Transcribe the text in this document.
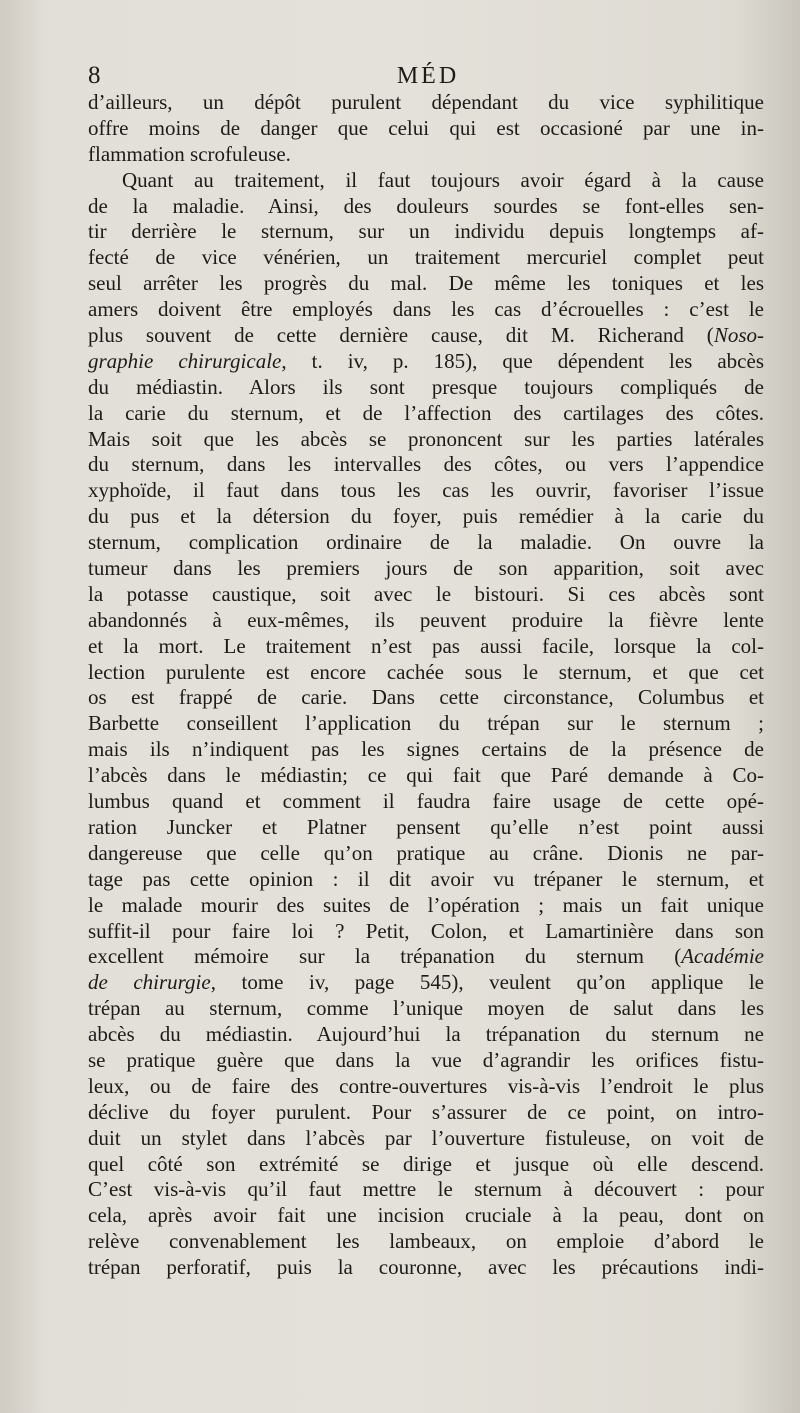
8	MÉD
d’ailleurs, un dépôt purulent dépendant du vice syphilitique
offre moins de danger que celui qui est occasioné par une in-
flammation scrofuleuse.
Quant au traitement, il faut toujours avoir égard à la cause
de la maladie. Ainsi, des douleurs sourdes se font-elles sen-
tir derrière le sternum, sur un individu depuis longtemps af-
fecté de vice vénérien, un traitement mercuriel complet peut
seul arrêter les progrès du mal. De même les toniques et les
amers doivent être employés dans les cas d’écrouelles : c’est le
plus souvent de cette dernière cause, dit M. Richerand (Noso-
graphie chirurgicale, t. iv, p. 185), que dépendent les abcès
du médiastin. Alors ils sont presque toujours compliqués de
la carie du sternum, et de l’affection des cartilages des côtes.
Mais soit que les abcès se prononcent sur les parties latérales
du sternum, dans les intervalles des côtes, ou vers l’appendice
xyphoïde, il faut dans tous les cas les ouvrir, favoriser l’issue
du pus et la détersion du foyer, puis remédier à la carie du
sternum, complication ordinaire de la maladie. On ouvre la
tumeur dans les premiers jours de son apparition, soit avec
la potasse caustique, soit avec le bistouri. Si ces abcès sont
abandonnés à eux-mêmes, ils peuvent produire la fièvre lente
et la mort. Le traitement n’est pas aussi facile, lorsque la col-
lection purulente est encore cachée sous le sternum, et que cet
os est frappé de carie. Dans cette circonstance, Columbus et
Barbette conseillent l’application du trépan sur le sternum ;
mais ils n’indiquent pas les signes certains de la présence de
l’abcès dans le médiastin; ce qui fait que Paré demande à Co-
lumbus quand et comment il faudra faire usage de cette opé-
ration Juncker et Platner pensent qu’elle n’est point aussi
dangereuse que celle qu’on pratique au crâne. Dionis ne par-
tage pas cette opinion : il dit avoir vu trépaner le sternum, et
le malade mourir des suites de l’opération ; mais un fait unique
suffit-il pour faire loi ? Petit, Colon, et Lamartinière dans son
excellent mémoire sur la trépanation du sternum (Académie
de chirurgie, tome iv, page 545), veulent qu’on applique le
trépan au sternum, comme l’unique moyen de salut dans les
abcès du médiastin. Aujourd’hui la trépanation du sternum ne
se pratique guère que dans la vue d’agrandir les orifices fistu-
leux, ou de faire des contre-ouvertures vis-à-vis l’endroit le plus
déclive du foyer purulent. Pour s’assurer de ce point, on intro-
duit un stylet dans l’abcès par l’ouverture fistuleuse, on voit de
quel côté son extrémité se dirige et jusque où elle descend.
C’est vis-à-vis qu’il faut mettre le sternum à découvert : pour
cela, après avoir fait une incision cruciale à la peau, dont on
relève convenablement les lambeaux, on emploie d’abord le
trépan perforatif, puis la couronne, avec les précautions indi-
